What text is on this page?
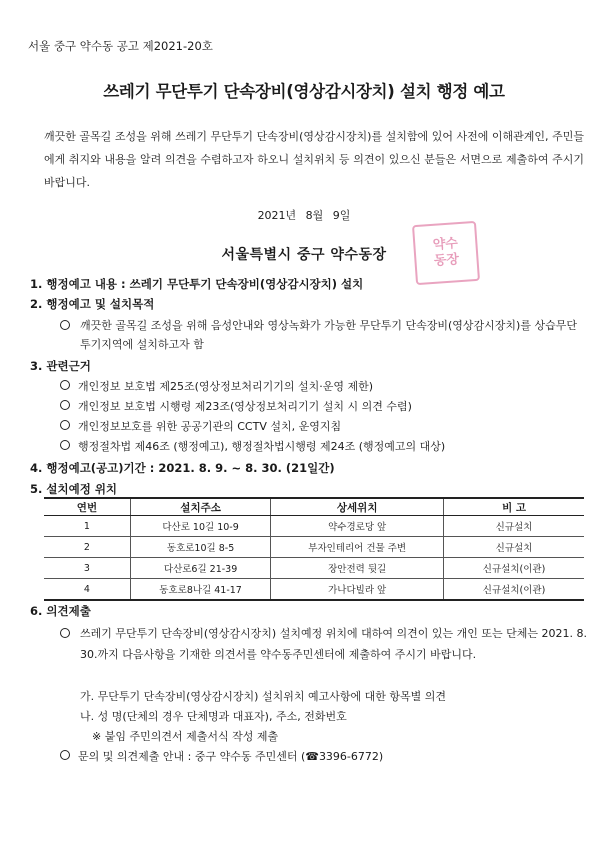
서울 중구 약수동 공고 제2021-20호
쓰레기 무단투기 단속장비(영상감시장치) 설치 행정 예고
깨끗한 골목길 조성을 위해 쓰레기 무단투기 단속장비(영상감시장치)를 설치함에 있어 사전에 이해관계인, 주민들에게 취지와 내용을 알려 의견을 수렴하고자 하오니 설치위치 등 의견이 있으신 분들은 서면으로 제출하여 주시기 바랍니다.
2021년 8월 9일
서울특별시 중구 약수동장
약수
동장
1. 행정예고 내용 : 쓰레기 무단투기 단속장비(영상감시장치) 설치
2. 행정예고 및 설치목적
깨끗한 골목길 조성을 위해 음성안내와 영상녹화가 가능한 무단투기 단속장비(영상감시장치)를 상습무단투기지역에 설치하고자 함
3. 관련근거
개인정보 보호법 제25조(영상정보처리기기의 설치·운영 제한)
개인정보 보호법 시행령 제23조(영상정보처리기기 설치 시 의견 수렴)
개인정보보호를 위한 공공기관의 CCTV 설치, 운영지침
행정절차법 제46조 (행정예고), 행정절차법시행령 제24조 (행정예고의 대상)
4. 행정예고(공고)기간 : 2021. 8. 9. ~ 8. 30. (21일간)
5. 설치예정 위치
연번	설치주소	상세위치	비 고
1	다산로 10길 10-9	약수경로당 앞	신규설치
2	동호로10길 8-5	부자인테리어 건물 주변	신규설치
3	다산로6길 21-39	장안전력 뒷길	신규설치(이관)
4	동호로8나길 41-17	가나다빌라 앞	신규설치(이관)
6. 의견제출
쓰레기 무단투기 단속장비(영상감시장치) 설치예정 위치에 대하여 의견이 있는 개인 또는 단체는 2021. 8. 30.까지 다음사항을 기재한 의견서를 약수동주민센터에 제출하여 주시기 바랍니다.
가. 무단투기 단속장비(영상감시장치) 설치위치 예고사항에 대한 항목별 의견
나. 성 명(단체의 경우 단체명과 대표자), 주소, 전화번호
※ 붙임 주민의견서 제출서식 작성 제출
문의 및 의견제출 안내 : 중구 약수동 주민센터 (☎3396-6772)
